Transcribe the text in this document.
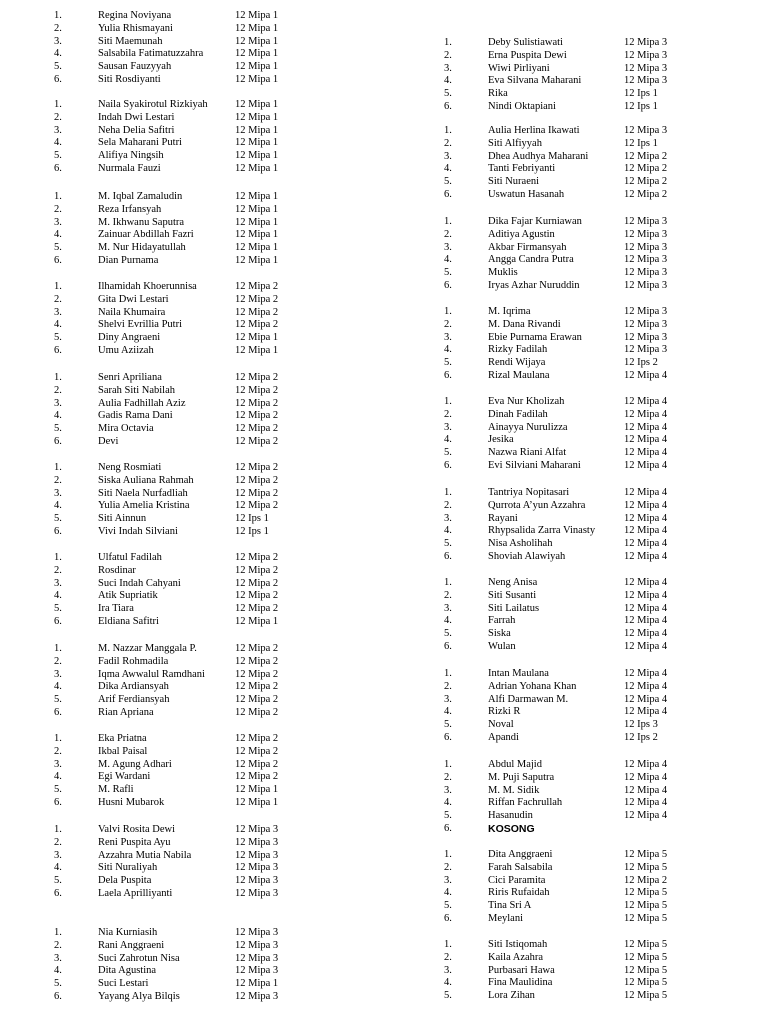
1.	Regina Noviyana	12 Mipa 1
2.	Yulia Rhismayani	12 Mipa 1
3.	Siti Maemunah	12 Mipa 1
4.	Salsabila Fatimatuzzahra	12 Mipa 1
5.	Sausan Fauzyyah	12 Mipa 1
6.	Siti Rosdiyanti	12 Mipa 1
1.	Naila Syakirotul Rizkiyah	12 Mipa 1
2.	Indah Dwi Lestari	12 Mipa 1
3.	Neha Delia Safitri	12 Mipa 1
4.	Sela Maharani Putri	12 Mipa 1
5.	Alifiya Ningsih	12 Mipa 1
6.	Nurmala Fauzi	12 Mipa 1
1.	M. Iqbal Zamaludin	12 Mipa 1
2.	Reza Irfansyah	12 Mipa 1
3.	M. Ikhwanu Saputra	12 Mipa 1
4.	Zainuar Abdillah Fazri	12 Mipa 1
5.	M. Nur Hidayatullah	12 Mipa 1
6.	Dian Purnama	12 Mipa 1
1.	Ilhamidah Khoerunnisa	12 Mipa 2
2.	Gita Dwi Lestari	12 Mipa 2
3.	Naila Khumaira	12 Mipa 2
4.	Shelvi Evrillia Putri	12 Mipa 2
5.	Diny Angraeni	12 Mipa 1
6.	Umu Aziizah	12 Mipa 1
1.	Senri Apriliana	12 Mipa 2
2.	Sarah Siti Nabilah	12 Mipa 2
3.	Aulia Fadhillah Aziz	12 Mipa 2
4.	Gadis Rama Dani	12 Mipa 2
5.	Mira Octavia	12 Mipa 2
6.	Devi	12 Mipa 2
1.	Neng Rosmiati	12 Mipa 2
2.	Siska Auliana Rahmah	12 Mipa 2
3.	Siti Naela Nurfadliah	12 Mipa 2
4.	Yulia Amelia Kristina	12 Mipa 2
5.	Siti Ainnun	12 Ips 1
6.	Vivi Indah Silviani	12 Ips 1
1.	Ulfatul Fadilah	12 Mipa 2
2.	Rosdinar	12 Mipa 2
3.	Suci Indah Cahyani	12 Mipa 2
4.	Atik Supriatik	12 Mipa 2
5.	Ira Tiara	12 Mipa 2
6.	Eldiana Safitri	12 Mipa 1
1.	M. Nazzar Manggala P.	12 Mipa 2
2.	Fadil Rohmadila	12 Mipa 2
3.	Iqma Awwalul Ramdhani	12 Mipa 2
4.	Dika Ardiansyah	12 Mipa 2
5.	Arif Ferdiansyah	12 Mipa 2
6.	Rian Apriana	12 Mipa 2
1.	Eka Priatna	12 Mipa 2
2.	Ikbal Paisal	12 Mipa 2
3.	M. Agung Adhari	12 Mipa 2
4.	Egi Wardani	12 Mipa 2
5.	M. Rafli	12 Mipa 1
6.	Husni Mubarok	12 Mipa 1
1.	Valvi Rosita Dewi	12 Mipa 3
2.	Reni Puspita Ayu	12 Mipa 3
3.	Azzahra Mutia Nabila	12 Mipa 3
4.	Siti Nuraliyah	12 Mipa 3
5.	Dela Puspita	12 Mipa 3
6.	Laela Aprilliyanti	12 Mipa 3
1.	Nia Kurniasih	12 Mipa 3
2.	Rani Anggraeni	12 Mipa 3
3.	Suci Zahrotun Nisa	12 Mipa 3
4.	Dita Agustina	12 Mipa 3
5.	Suci Lestari	12 Mipa 1
6.	Yayang Alya Bilqis	12 Mipa 3
1.	Deby Sulistiawati	12 Mipa 3
2.	Erna Puspita Dewi	12 Mipa 3
3.	Wiwi Pirliyani	12 Mipa 3
4.	Eva Silvana Maharani	12 Mipa 3
5.	Rika	12 Ips 1
6.	Nindi Oktapiani	12 Ips 1
1.	Aulia Herlina Ikawati	12 Mipa 3
2.	Siti Alfiyyah	12 Ips 1
3.	Dhea Audhya Maharani	12 Mipa 2
4.	Tanti Febriyanti	12 Mipa 2
5.	Siti Nuraeni	12 Mipa 2
6.	Uswatun Hasanah	12 Mipa 2
1.	Dika Fajar Kurniawan	12 Mipa 3
2.	Aditiya Agustin	12 Mipa 3
3.	Akbar Firmansyah	12 Mipa 3
4.	Angga Candra Putra	12 Mipa 3
5.	Muklis	12 Mipa 3
6.	Iryas Azhar Nuruddin	12 Mipa 3
1.	M. Iqrima	12 Mipa 3
2.	M. Dana Rivandi	12 Mipa 3
3.	Ebie Purnama Erawan	12 Mipa 3
4.	Rizky Fadilah	12 Mipa 3
5.	Rendi Wijaya	12 Ips 2
6.	Rizal Maulana	12 Mipa 4
1.	Eva Nur Kholizah	12 Mipa 4
2.	Dinah Fadilah	12 Mipa 4
3.	Ainayya Nurulizza	12 Mipa 4
4.	Jesika	12 Mipa 4
5.	Nazwa Riani Alfat	12 Mipa 4
6.	Evi Silviani Maharani	12 Mipa 4
1.	Tantriya Nopitasari	12 Mipa 4
2.	Qurrota A’yun Azzahra	12 Mipa 4
3.	Rayani	12 Mipa 4
4.	Rhypsalida Zarra Vinasty	12 Mipa 4
5.	Nisa Asholihah	12 Mipa 4
6.	Shoviah Alawiyah	12 Mipa 4
1.	Neng Anisa	12 Mipa 4
2.	Siti Susanti	12 Mipa 4
3.	Siti Lailatus	12 Mipa 4
4.	Farrah	12 Mipa 4
5.	Siska	12 Mipa 4
6.	Wulan	12 Mipa 4
1.	Intan Maulana	12 Mipa 4
2.	Adrian Yohana Khan	12 Mipa 4
3.	Alfi Darmawan M.	12 Mipa 4
4.	Rizki R	12 Mipa 4
5.	Noval	12 Ips 3
6.	Apandi	12 Ips 2
1.	Abdul Majid	12 Mipa 4
2.	M. Puji Saputra	12 Mipa 4
3.	M. M. Sidik	12 Mipa 4
4.	Riffan Fachrullah	12 Mipa 4
5.	Hasanudin	12 Mipa 4
6.	KOSONG
1.	Dita Anggraeni	12 Mipa 5
2.	Farah Salsabila	12 Mipa 5
3.	Cici Paramita	12 Mipa 2
4.	Riris Rufaidah	12 Mipa 5
5.	Tina Sri A	12 Mipa 5
6.	Meylani	12 Mipa 5
1.	Siti Istiqomah	12 Mipa 5
2.	Kaila Azahra	12 Mipa 5
3.	Purbasari Hawa	12 Mipa 5
4.	Fina Maulidina	12 Mipa 5
5.	Lora Zihan	12 Mipa 5
